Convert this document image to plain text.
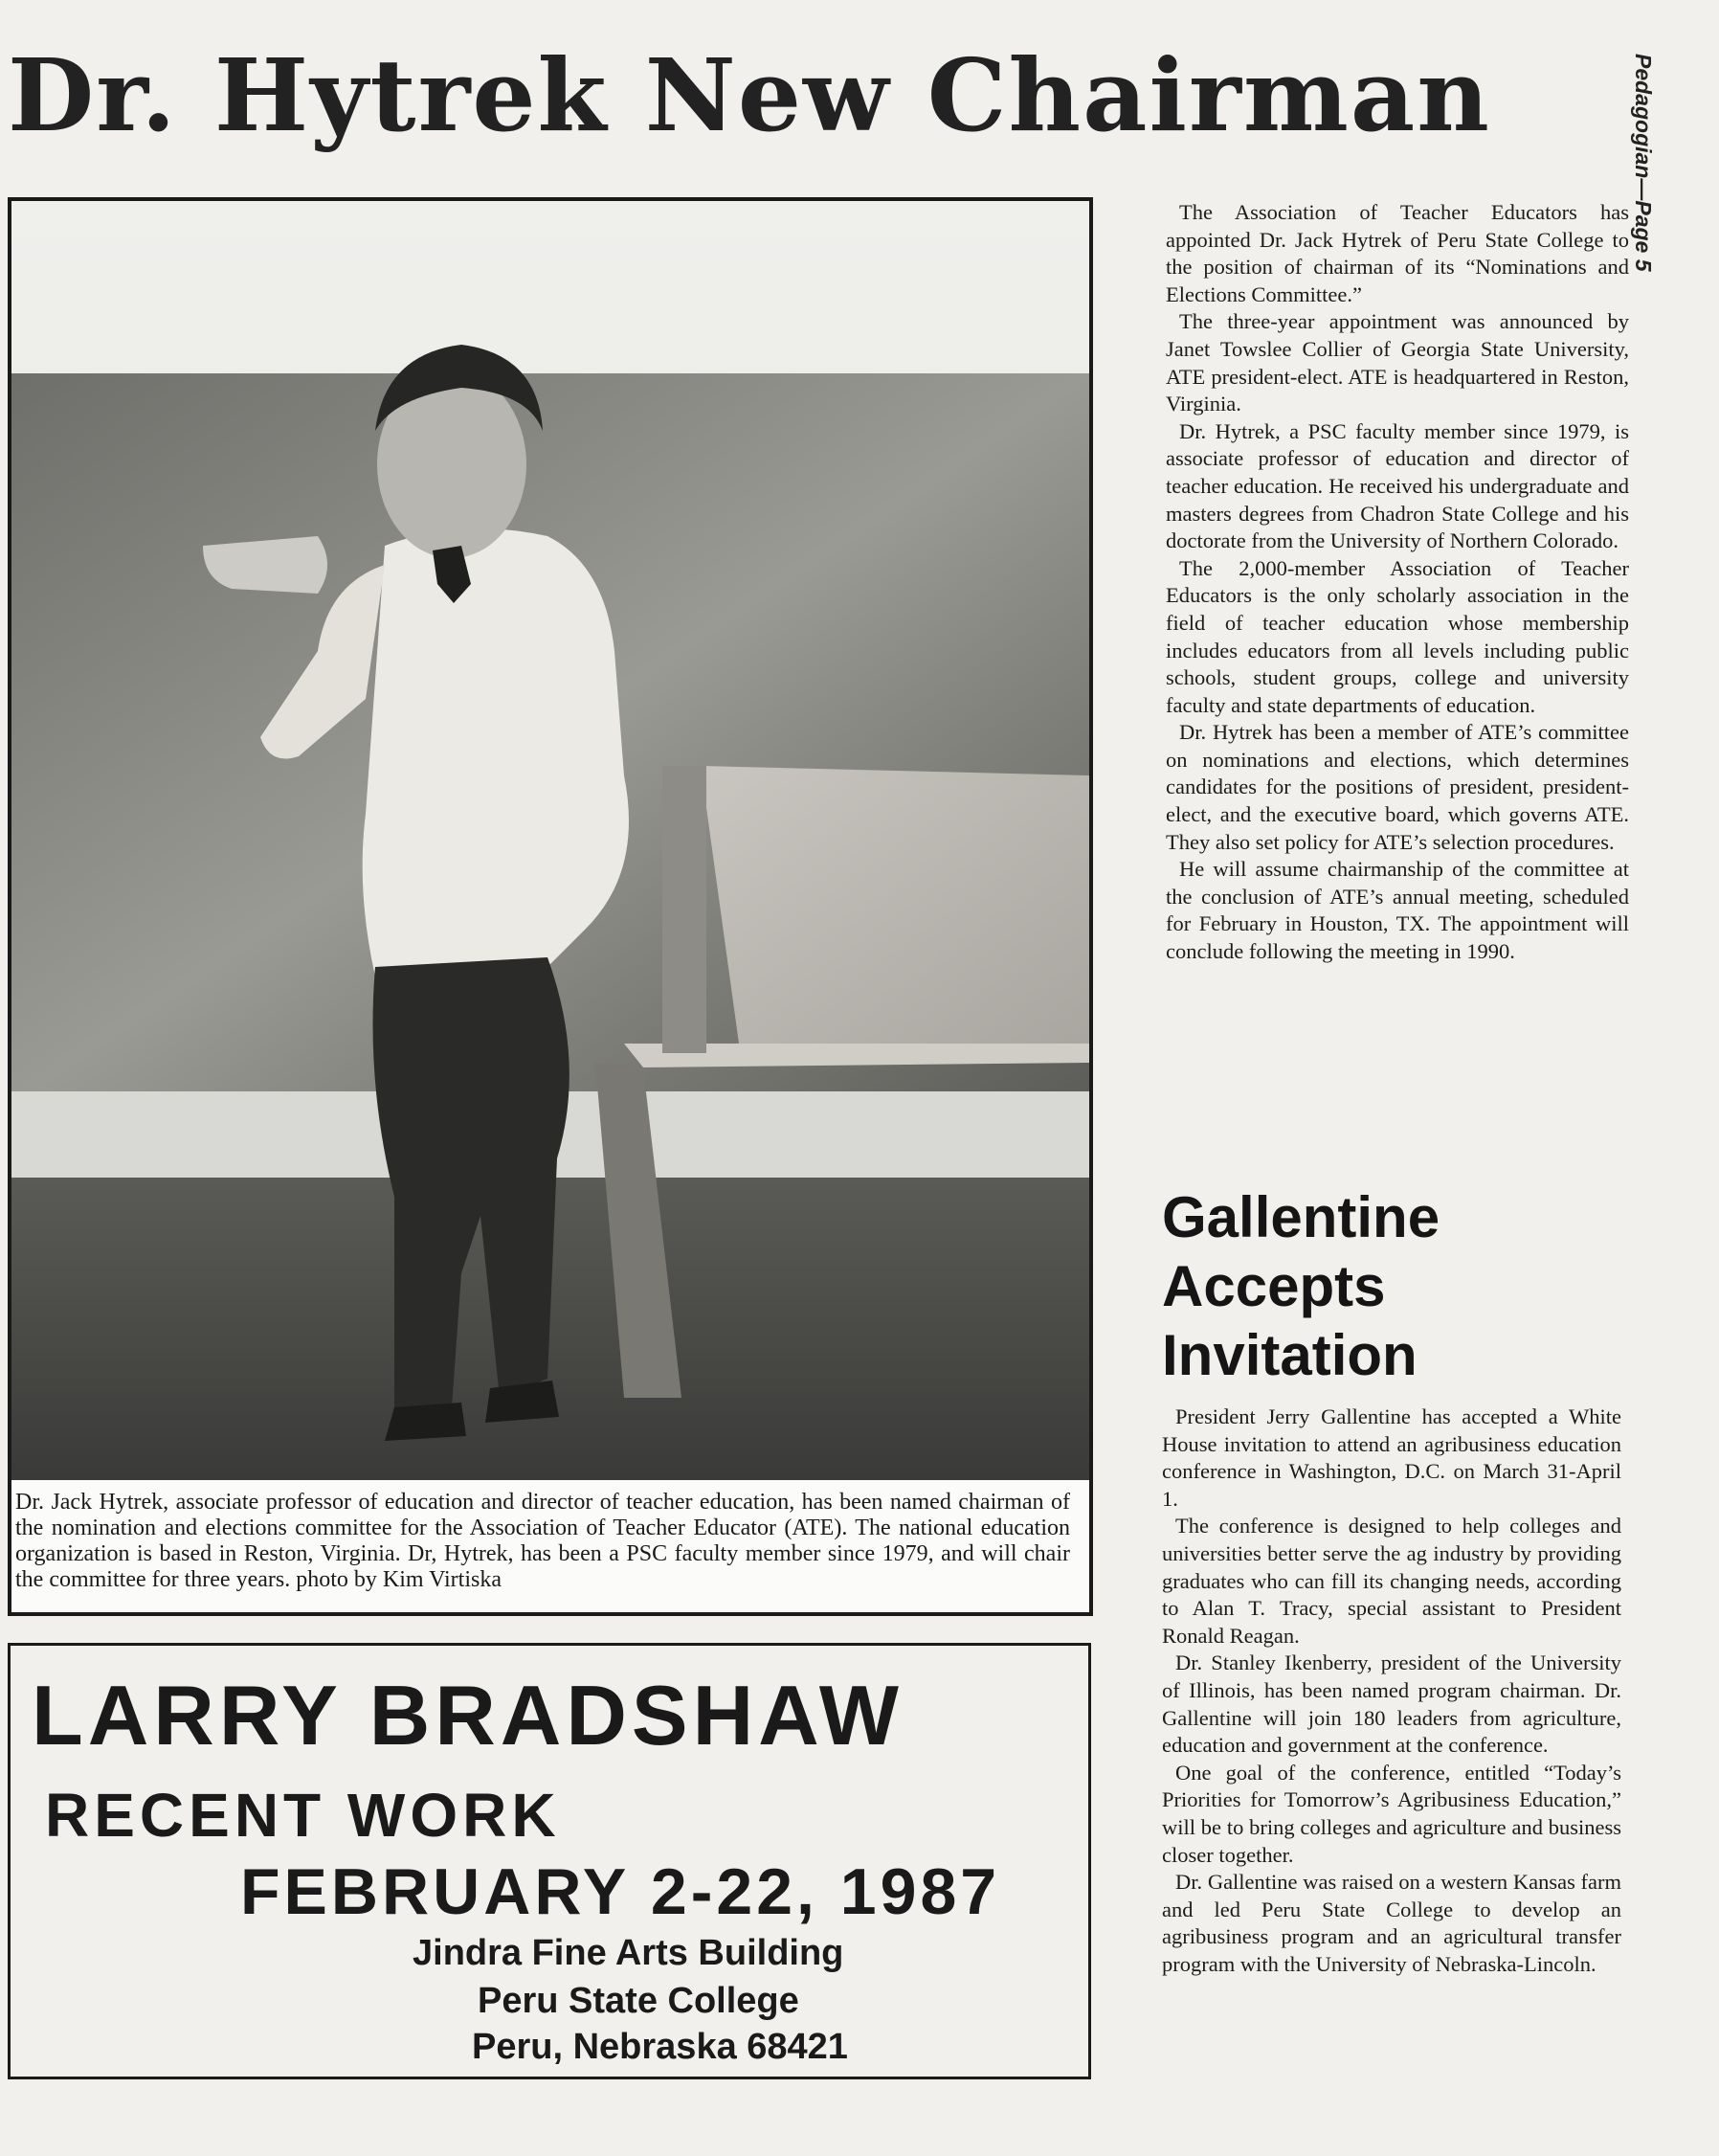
Dr. Hytrek New Chairman	Pedagogian—Page 5

Dr. Jack Hytrek, associate professor of education and director of teacher education, has been named chairman of the nomination and elections committee for the Association of Teacher Educator (ATE). The national education organization is based in Reston, Virginia. Dr, Hytrek, has been a PSC faculty member since 1979, and will chair the committee for three years. photo by Kim Virtiska

The Association of Teacher Educators has appointed Dr. Jack Hytrek of Peru State College to the position of chairman of its “Nominations and Elections Committee.”

The three-year appointment was announced by Janet Towslee Collier of Georgia State University, ATE president-elect. ATE is headquartered in Reston, Virginia.

Dr. Hytrek, a PSC faculty member since 1979, is associate professor of education and director of teacher education. He received his undergraduate and masters degrees from Chadron State College and his doctorate from the University of Northern Colorado.

The 2,000-member Association of Teacher Educators is the only scholarly association in the field of teacher education whose membership includes educators from all levels including public schools, student groups, college and university faculty and state departments of education.

Dr. Hytrek has been a member of ATE’s committee on nominations and elections, which determines candidates for the positions of president, president-elect, and the executive board, which governs ATE. They also set policy for ATE’s selection procedures.

He will assume chairmanship of the committee at the conclusion of ATE’s annual meeting, scheduled for February in Houston, TX. The appointment will conclude following the meeting in 1990.

Gallentine
Accepts
Invitation

President Jerry Gallentine has accepted a White House invitation to attend an agribusiness education conference in Washington, D.C. on March 31-April 1.

The conference is designed to help colleges and universities better serve the ag industry by providing graduates who can fill its changing needs, according to Alan T. Tracy, special assistant to President Ronald Reagan.

Dr. Stanley Ikenberry, president of the University of Illinois, has been named program chairman. Dr. Gallentine will join 180 leaders from agriculture, education and government at the conference.

One goal of the conference, entitled “Today’s Priorities for Tomorrow’s Agribusiness Education,” will be to bring colleges and agriculture and business closer together.

Dr. Gallentine was raised on a western Kansas farm and led Peru State College to develop an agribusiness program and an agricultural transfer program with the University of Nebraska-Lincoln.

LARRY BRADSHAW
RECENT WORK
FEBRUARY 2-22, 1987
Jindra Fine Arts Building
Peru State College
Peru, Nebraska 68421
